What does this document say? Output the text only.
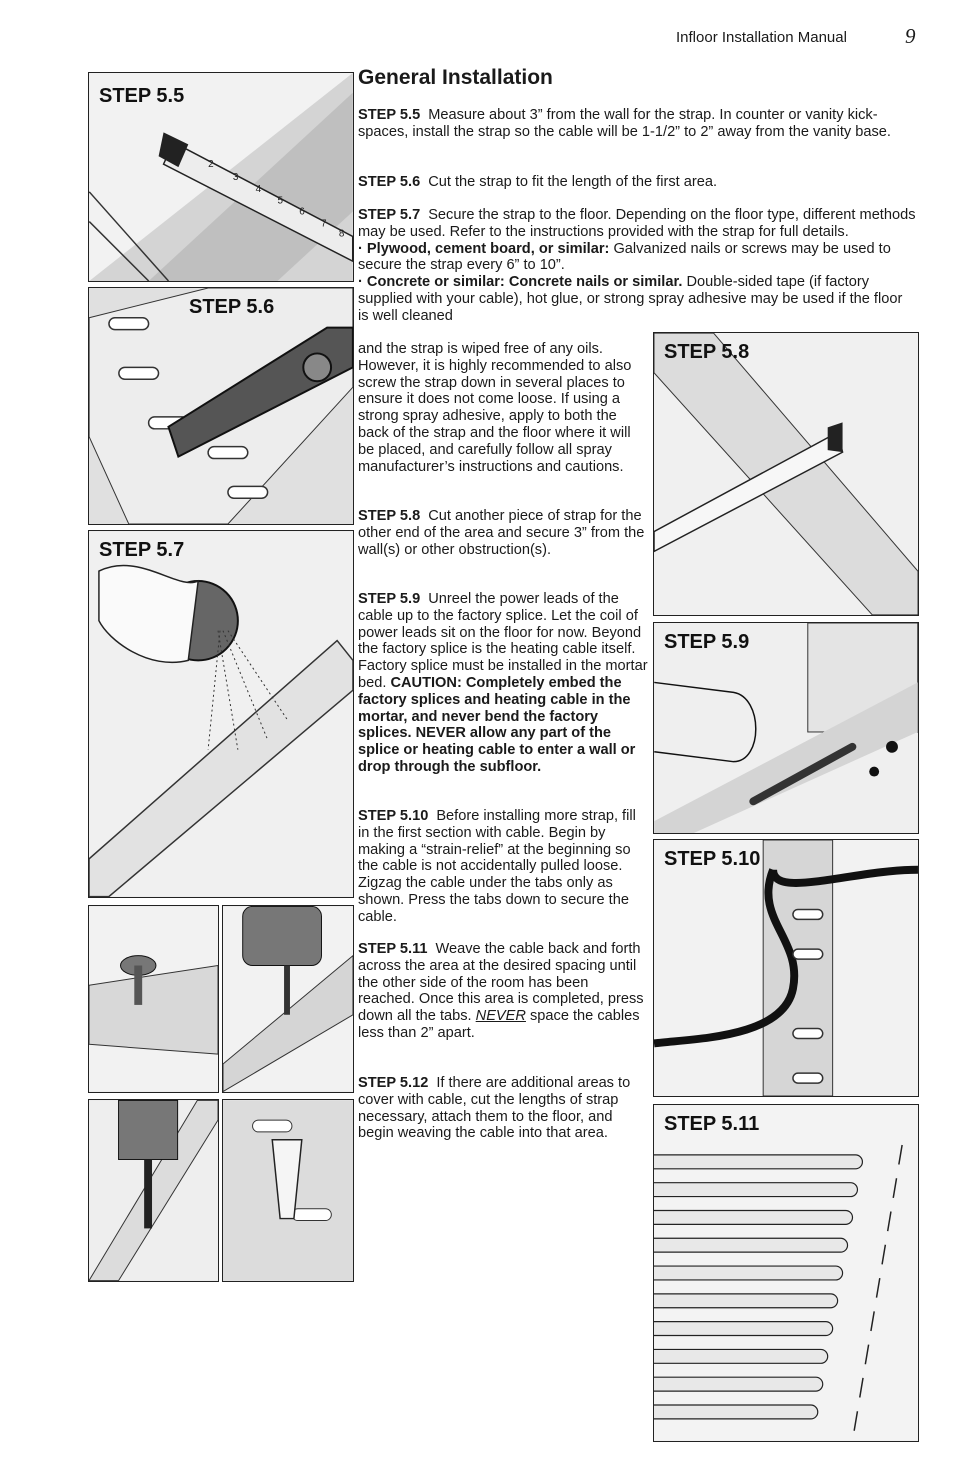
Infloor Installation Manual	9
2
3
4
5
6
7
8
STEP 5.5
STEP 5.6
STEP 5.7
STEP 5.8
STEP 5.9
STEP 5.10
STEP 5.11
General Installation
STEP 5.5 Measure about 3” from the wall for the strap. In counter or vanity kick-spaces, install the strap so the cable will be 1-1/2” to 2” away from the vanity base.
STEP 5.6 Cut the strap to fit the length of the first area.
STEP 5.7 Secure the strap to the floor. Depending on the floor type, different methods may be used. Refer to the instructions provided with the strap for full details.
· Plywood, cement board, or similar: Galvanized nails or screws may be used to secure the strap every 6” to 10”.
· Concrete or similar: Concrete nails or similar. Double-sided tape (if factory supplied with your cable), hot glue, or strong spray adhesive may be used if the floor is well cleaned
and the strap is wiped free of any oils. However, it is highly recommended to also screw the strap down in several places to ensure it does not come loose. If using a strong spray adhesive, apply to both the back of the strap and the floor where it will be placed, and carefully follow all spray manufacturer’s instructions and cautions.
STEP 5.8 Cut another piece of strap for the other end of the area and secure 3” from the wall(s) or other obstruction(s).
STEP 5.9 Unreel the power leads of the cable up to the factory splice. Let the coil of power leads sit on the floor for now. Beyond the factory splice is the heating cable itself. Factory splice must be installed in the mortar bed. CAUTION: Completely embed the factory splices and heating cable in the mortar, and never bend the factory splices. NEVER allow any part of the splice or heating cable to enter a wall or drop through the subfloor.
STEP 5.10 Before installing more strap, fill in the first section with cable. Begin by making a “strain-relief” at the beginning so the cable is not accidentally pulled loose. Zigzag the cable under the tabs only as shown. Press the tabs down to secure the cable.
STEP 5.11 Weave the cable back and forth across the area at the desired spacing until the other side of the room has been reached. Once this area is completed, press down all the tabs. NEVER space the cables less than 2” apart.
STEP 5.12 If there are additional areas to cover with cable, cut the lengths of strap necessary, attach them to the floor, and begin weaving the cable into that area.
